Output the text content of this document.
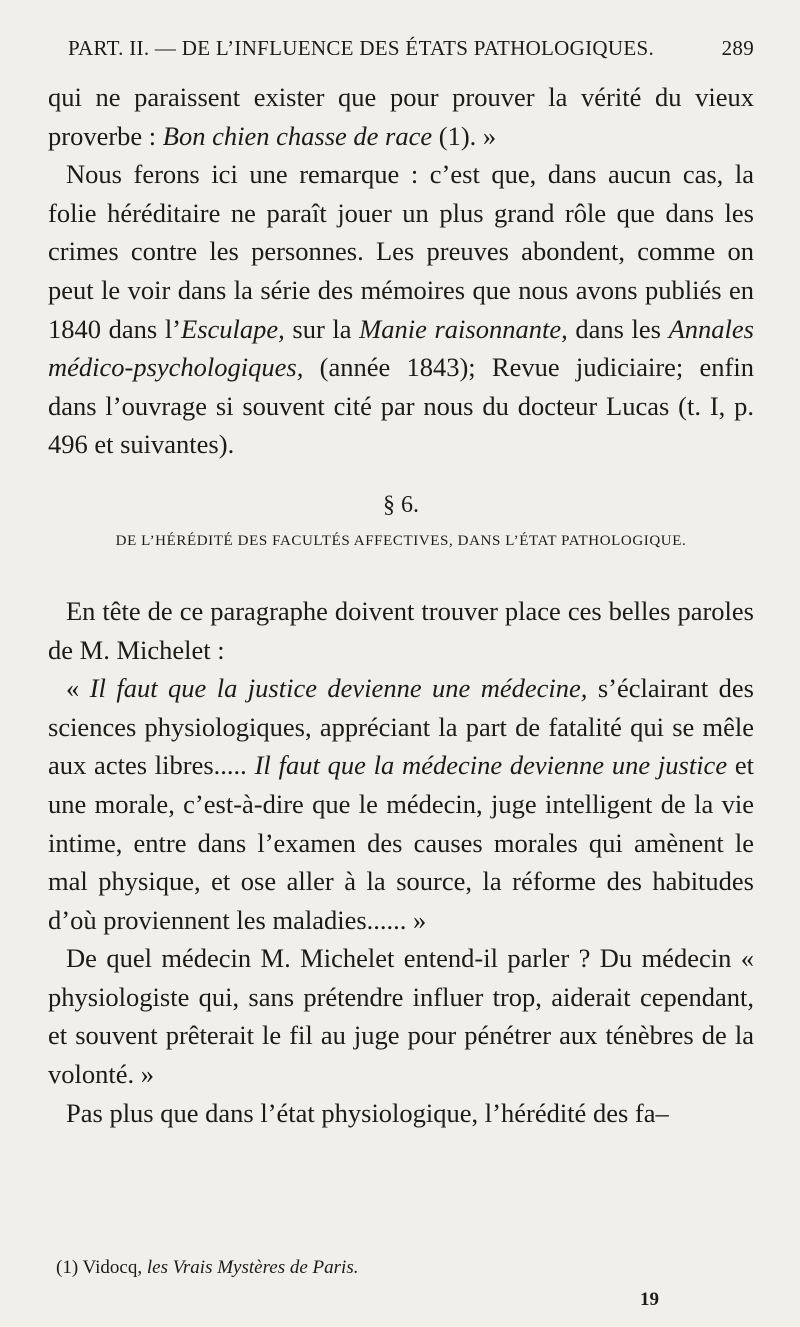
PART. II. — DE L’INFLUENCE DES ÉTATS PATHOLOGIQUES.	289

qui ne paraissent exister que pour prouver la vérité du vieux proverbe : Bon chien chasse de race (1). »

Nous ferons ici une remarque : c’est que, dans aucun cas, la folie héréditaire ne paraît jouer un plus grand rôle que dans les crimes contre les personnes. Les preuves abondent, comme on peut le voir dans la série des mémoires que nous avons publiés en 1840 dans l’Esculape, sur la Manie raisonnante, dans les Annales médico-psychologiques, (année 1843); Revue judiciaire; enfin dans l’ouvrage si souvent cité par nous du docteur Lucas (t. I, p. 496 et suivantes).

§ 6.
DE L’HÉRÉDITÉ DES FACULTÉS AFFECTIVES, DANS L’ÉTAT PATHOLOGIQUE.

En tête de ce paragraphe doivent trouver place ces belles paroles de M. Michelet :

« Il faut que la justice devienne une médecine, s’éclairant des sciences physiologiques, appréciant la part de fatalité qui se mêle aux actes libres..... Il faut que la médecine devienne une justice et une morale, c’est-à-dire que le médecin, juge intelligent de la vie intime, entre dans l’examen des causes morales qui amènent le mal physique, et ose aller à la source, la réforme des habitudes d’où proviennent les maladies...... »

De quel médecin M. Michelet entend-il parler ? Du médecin « physiologiste qui, sans prétendre influer trop, aiderait cependant, et souvent prêterait le fil au juge pour pénétrer aux ténèbres de la volonté. »

Pas plus que dans l’état physiologique, l’hérédité des fa–

(1) Vidocq, les Vrais Mystères de Paris.
19
